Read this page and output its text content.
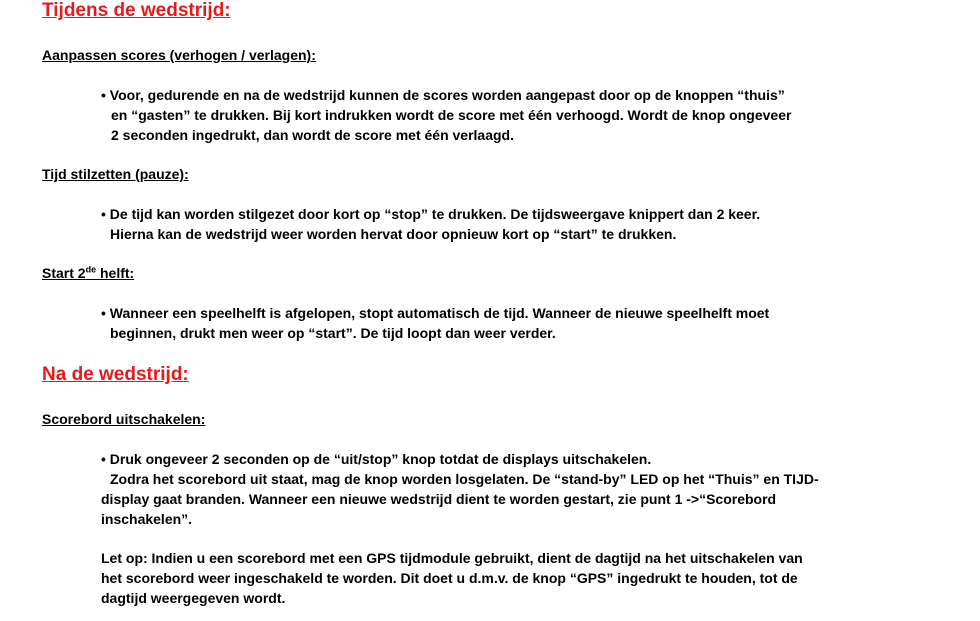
Tijdens de wedstrijd:
Aanpassen scores (verhogen / verlagen):
• Voor, gedurende en na de wedstrijd kunnen de scores worden aangepast door op de knoppen “thuis”
en “gasten” te drukken. Bij kort indrukken wordt de score met één verhoogd. Wordt de knop ongeveer
2 seconden ingedrukt, dan wordt de score met één verlaagd.
Tijd stilzetten (pauze):
• De tijd kan worden stilgezet door kort op “stop” te drukken. De tijdsweergave knippert dan 2 keer.
Hierna kan de wedstrijd weer worden hervat door opnieuw kort op “start” te drukken.
Start 2de helft:
• Wanneer een speelhelft is afgelopen, stopt automatisch de tijd. Wanneer de nieuwe speelhelft moet
beginnen, drukt men weer op “start”. De tijd loopt dan weer verder.
Na de wedstrijd:
Scorebord uitschakelen:
• Druk ongeveer 2 seconden op de “uit/stop” knop totdat de displays uitschakelen.
Zodra het scorebord uit staat, mag de knop worden losgelaten. De “stand-by” LED op het “Thuis” en TIJD-
display gaat branden. Wanneer een nieuwe wedstrijd dient te worden gestart, zie punt 1 ->“Scorebord
inschakelen”.
Let op: Indien u een scorebord met een GPS tijdmodule gebruikt, dient de dagtijd na het uitschakelen van
het scorebord weer ingeschakeld te worden. Dit doet u d.m.v. de knop “GPS” ingedrukt te houden, tot de
dagtijd weergegeven wordt.
